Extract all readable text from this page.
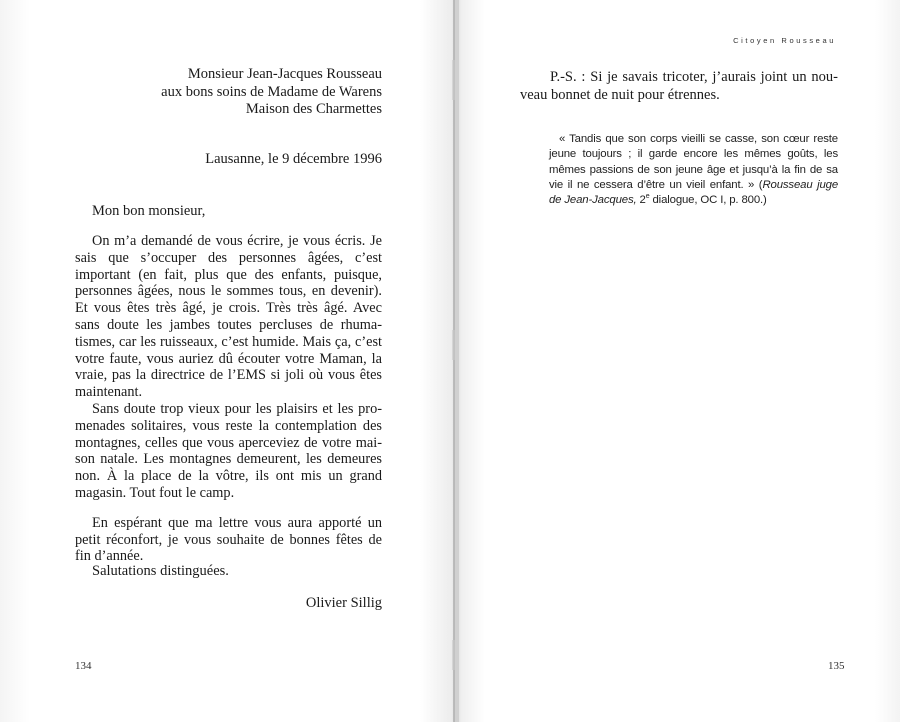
Monsieur Jean-Jacques Rousseau
aux bons soins de Madame de Warens
Maison des Charmettes
Lausanne, le 9 décembre 1996
Mon bon monsieur,

On m’a demandé de vous écrire, je vous écris. Je sais que s’occuper des personnes âgées, c’est important (en fait, plus que des enfants, puisque, personnes âgées, nous le sommes tous, en devenir). Et vous êtes très âgé, je crois. Très très âgé. Avec sans doute les jambes toutes percluses de rhumatismes, car les ruisseaux, c’est humide. Mais ça, c’est votre faute, vous auriez dû écouter votre Maman, la vraie, pas la directrice de l’EMS si joli où vous êtes maintenant.

Sans doute trop vieux pour les plaisirs et les promenades solitaires, vous reste la contemplation des montagnes, celles que vous aperceviez de votre maison natale. Les montagnes demeurent, les demeures non. À la place de la vôtre, ils ont mis un grand magasin. Tout fout le camp.

En espérant que ma lettre vous aura apporté un petit réconfort, je vous souhaite de bonnes fêtes de fin d’année.

Salutations distinguées.
Olivier Sillig
Citoyen Rousseau

P.-S. : Si je savais tricoter, j’aurais joint un nouveau bonnet de nuit pour étrennes.

« Tandis que son corps vieilli se casse, son cœur reste jeune toujours ; il garde encore les mêmes goûts, les mêmes passions de son jeune âge et jusqu’à la fin de sa vie il ne cessera d’être un vieil enfant. » (Rousseau juge de Jean-Jacques, 2e dialogue, OC I, p. 800.)

134	135
